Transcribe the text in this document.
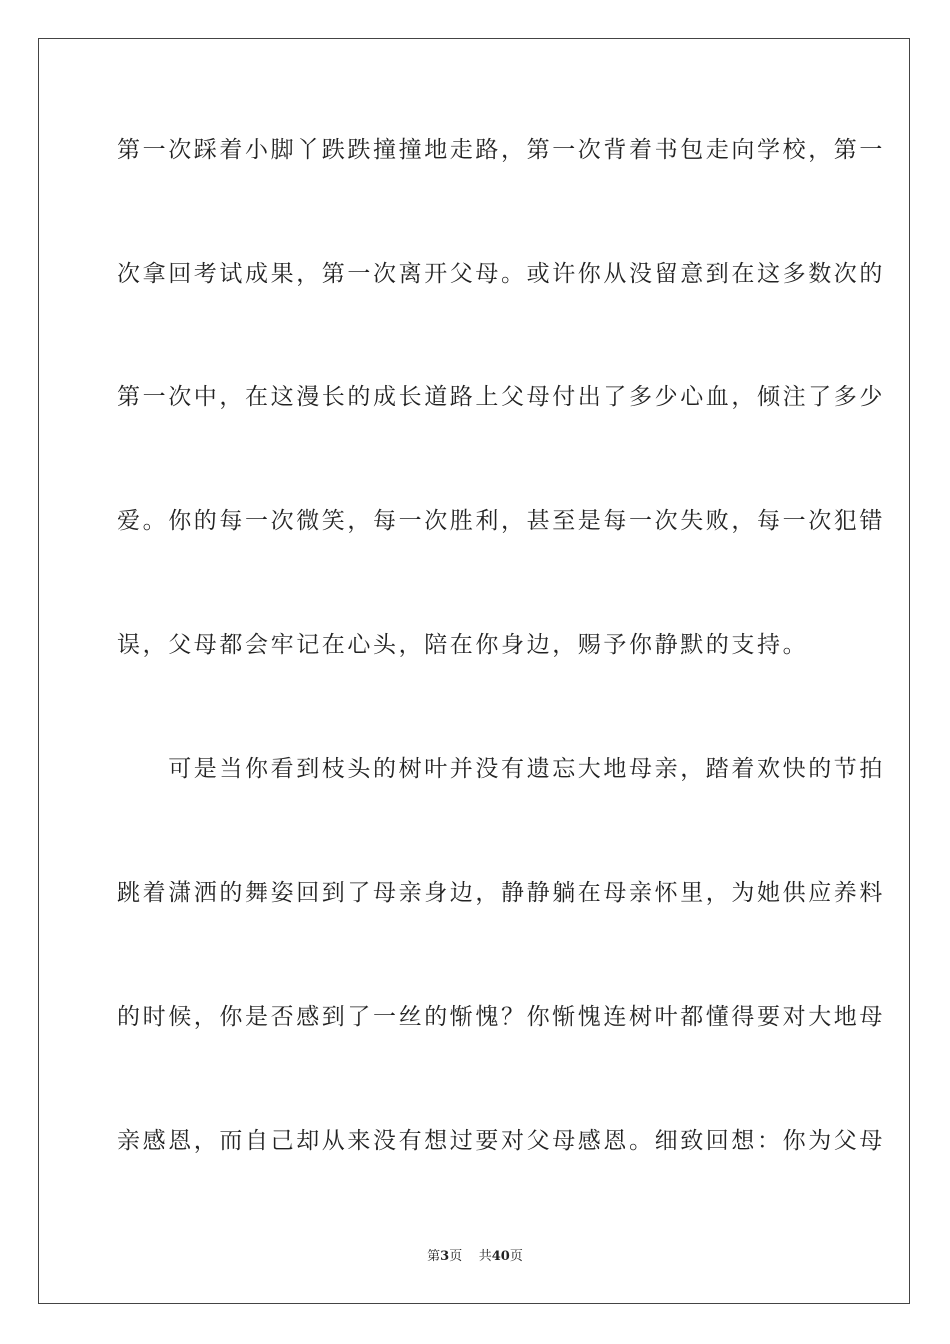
第一次踩着小脚丫跌跌撞撞地走路，第一次背着书包走向学校，第一
次拿回考试成果，第一次离开父母。或许你从没留意到在这多数次的
第一次中，在这漫长的成长道路上父母付出了多少心血，倾注了多少
爱。你的每一次微笑，每一次胜利，甚至是每一次失败，每一次犯错
误，父母都会牢记在心头，陪在你身边，赐予你静默的支持。
　　可是当你看到枝头的树叶并没有遗忘大地母亲，踏着欢快的节拍
跳着潇洒的舞姿回到了母亲身边，静静躺在母亲怀里，为她供应养料
的时候，你是否感到了一丝的惭愧？你惭愧连树叶都懂得要对大地母
亲感恩，而自己却从来没有想过要对父母感恩。细致回想：你为父母
第3页 共40页
